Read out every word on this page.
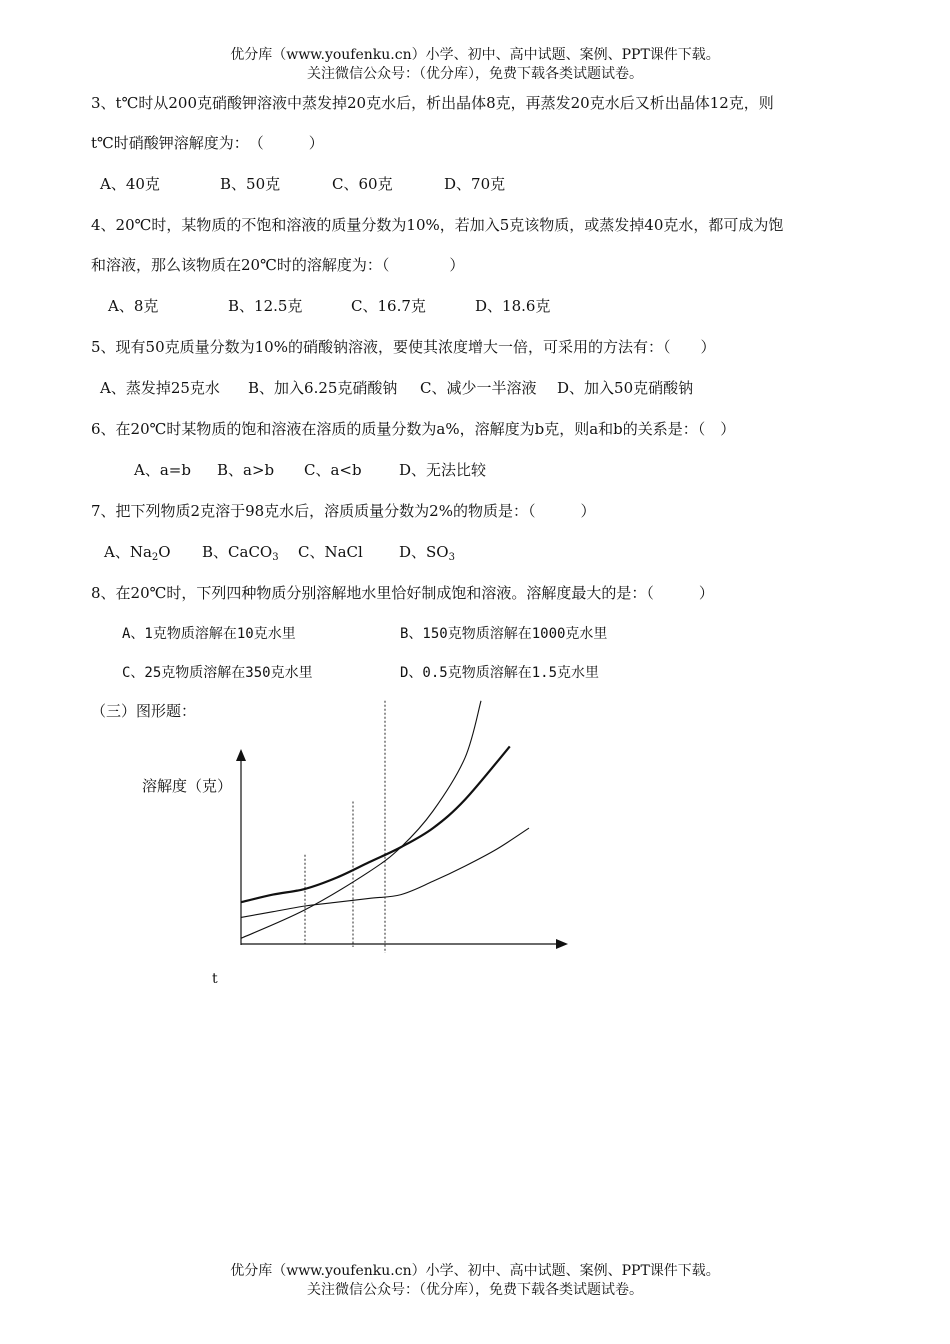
优分库（www.youfenku.cn）小学、初中、高中试题、案例、PPT课件下载。
关注微信公众号：（优分库），免费下载各类试题试卷。
3、t℃时从200克硝酸钾溶液中蒸发掉20克水后，析出晶体8克，再蒸发20克水后又析出晶体12克，则
t℃时硝酸钾溶解度为：　（　　　）
A、40克	B、50克	C、60克	D、70克
4、20℃时，某物质的不饱和溶液的质量分数为10%，若加入5克该物质，或蒸发掉40克水，都可成为饱
和溶液，那么该物质在20℃时的溶解度为：（　　　　）
A、8克	B、12.5克	C、16.7克	D、18.6克
5、现有50克质量分数为10%的硝酸钠溶液，要使其浓度增大一倍，可采用的方法有：（　　）
A、蒸发掉25克水 B、加入6.25克硝酸钠 C、减少一半溶液 D、加入50克硝酸钠
6、在20℃时某物质的饱和溶液在溶质的质量分数为a%，溶解度为b克，则a和b的关系是：（　）
A、a=b B、a>b C、a<b D、无法比较
7、把下列物质2克溶于98克水后，溶质质量分数为2%的物质是：（　　　）
A、$Na_2O$ B、CaCO$_3$ C、NaCl D、$SO_3$
8、在20℃时，下列四种物质分别溶解地水里恰好制成饱和溶液。溶解度最大的是：（　　　）
A、1克物质溶解在10克水里	B、150克物质溶解在1000克水里
C、25克物质溶解在350克水里	D、0.5克物质溶解在1.5克水里
（三）图形题：
溶解度（克）
t
优分库（www.youfenku.cn）小学、初中、高中试题、案例、PPT课件下载。
关注微信公众号：（优分库），免费下载各类试题试卷。
